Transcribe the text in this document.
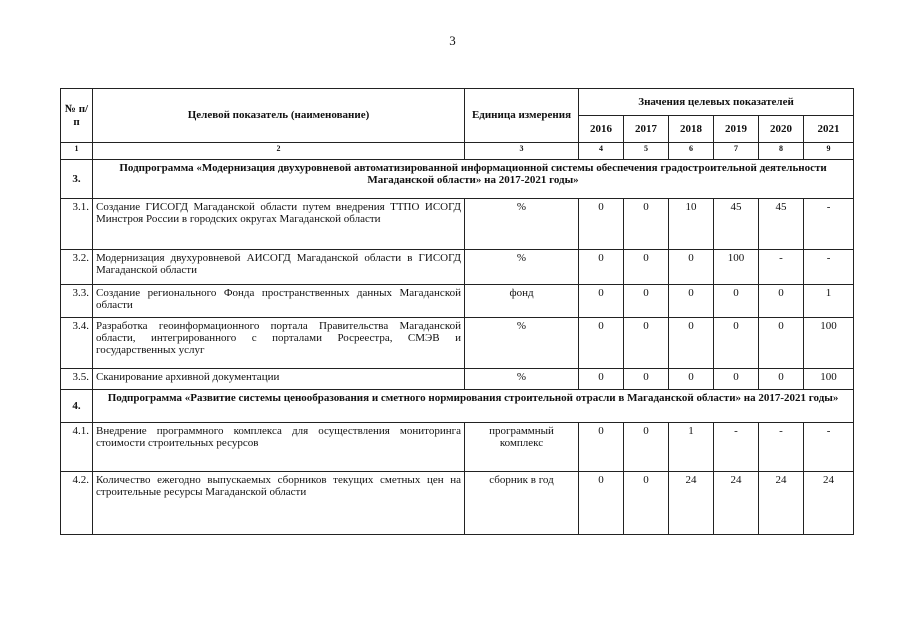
3
№ п/п	Целевой показатель (наименование)	Единица измерения	Значения целевых показателей					
			2016	2017	2018	2019	2020	2021
1	2	3	4	5	6	7	8	9
3.	Подпрограмма «Модернизация двухуровневой автоматизированной информационной системы обеспечения градостроительной деятельности Магаданской области» на 2017-2021 годы»							
3.1.	Создание ГИСОГД Магаданской области путем внедрения ТТПО ИСОГД Минстроя России в городских округах Магаданской области	%	0	0	10	45	45	-
3.2.	Модернизация двухуровневой АИСОГД Магаданской области в ГИСОГД Магаданской области	%	0	0	0	100	-	-
3.3.	Создание регионального Фонда пространственных данных Магаданской области	фонд	0	0	0	0	0	1
3.4.	Разработка геоинформационного портала Правительства Магаданской области, интегрированного с порталами Росреестра, СМЭВ и государственных услуг	%	0	0	0	0	0	100
3.5.	Сканирование архивной документации	%	0	0	0	0	0	100
4.	Подпрограмма «Развитие системы ценообразования и сметного нормирования строительной отрасли в Магаданской области» на 2017-2021 годы»							
4.1.	Внедрение программного комплекса для осуществления мониторинга стоимости строительных ресурсов	программный комплекс	0	0	1	-	-	-
4.2.	Количество ежегодно выпускаемых сборников текущих сметных цен на строительные ресурсы Магаданской области	сборник в год	0	0	24	24	24	24
